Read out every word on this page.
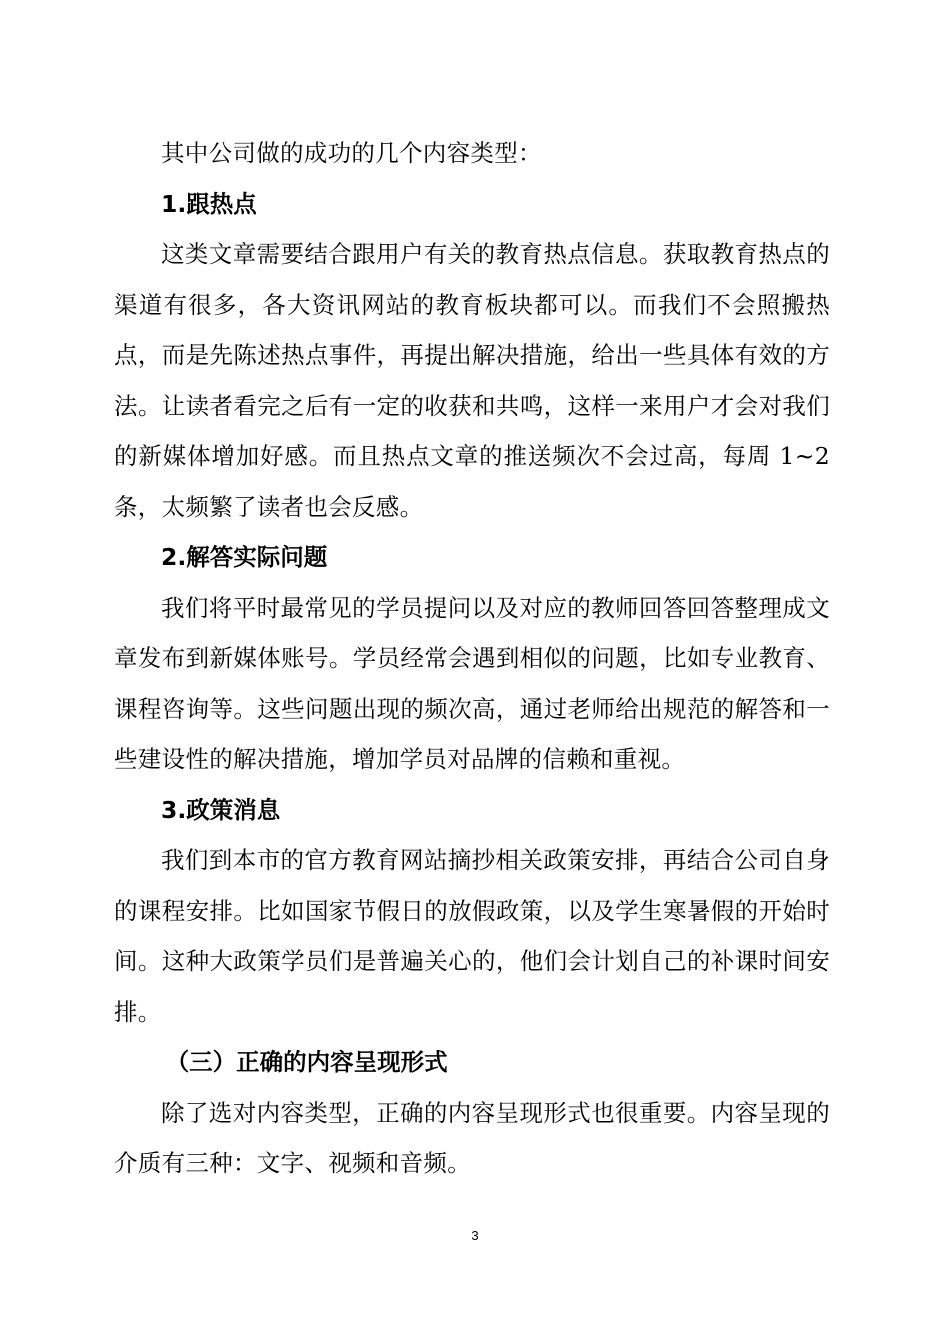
其中公司做的成功的几个内容类型：

1.跟热点

这类文章需要结合跟用户有关的教育热点信息。获取教育热点的渠道有很多，各大资讯网站的教育板块都可以。而我们不会照搬热点，而是先陈述热点事件，再提出解决措施，给出一些具体有效的方法。让读者看完之后有一定的收获和共鸣，这样一来用户才会对我们的新媒体增加好感。而且热点文章的推送频次不会过高，每周 1~2 条，太频繁了读者也会反感。

2.解答实际问题

我们将平时最常见的学员提问以及对应的教师回答回答整理成文章发布到新媒体账号。学员经常会遇到相似的问题，比如专业教育、课程咨询等。这些问题出现的频次高，通过老师给出规范的解答和一些建设性的解决措施，增加学员对品牌的信赖和重视。

3.政策消息

我们到本市的官方教育网站摘抄相关政策安排，再结合公司自身的课程安排。比如国家节假日的放假政策，以及学生寒暑假的开始时间。这种大政策学员们是普遍关心的，他们会计划自己的补课时间安排。

（三）正确的内容呈现形式

除了选对内容类型，正确的内容呈现形式也很重要。内容呈现的介质有三种：文字、视频和音频。

3
